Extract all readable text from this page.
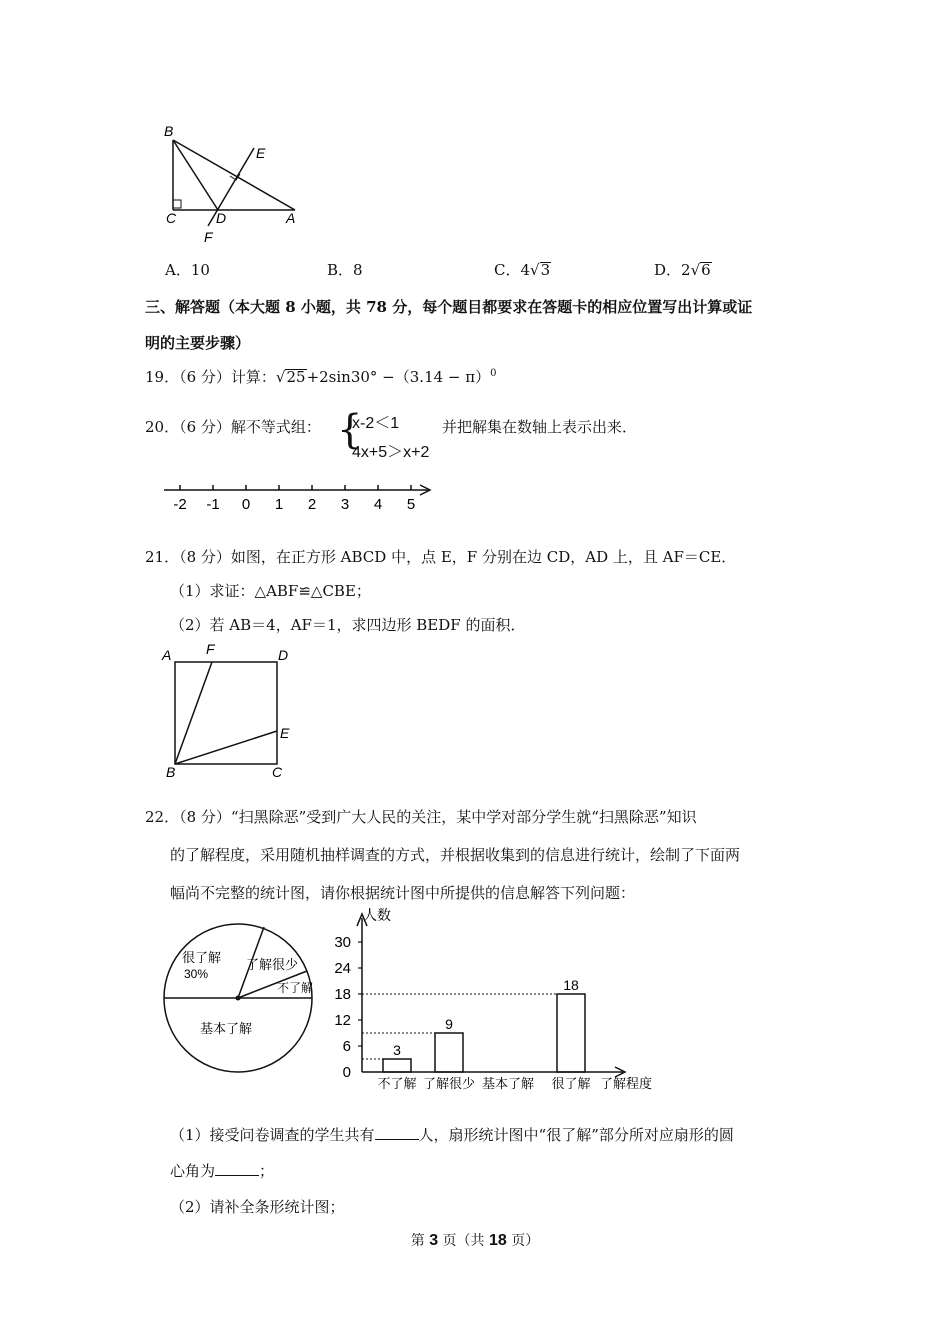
B
E
C	D	A
F
A．10	B．8	C．4√3	D．2√6
三、解答题（本大题 8 小题，共 78 分，每个题目都要求在答题卡的相应位置写出计算或证
明的主要步骤）
19．（6 分）计算：$√25+2\sin 30^\circ -(3.14 - \pi)^0$
20．（6 分）解不等式组： {
x-2＜1
4x+5＞x+2
并把解集在数轴上表示出来．
-2 -1 0 1 2 3 4 5
21．（8 分）如图，在正方形 ABCD 中，点 E，F 分别在边 CD，AD 上，且 AF＝CE．
（1）求证：△ABF≌△CBE；
（2）若 AB＝4，AF＝1，求四边形 BEDF 的面积．
A F	D
E
B	C
22．（8 分）“扫黑除恶”受到广大人民的关注，某中学对部分学生就“扫黑除恶”知识
的了解程度，采用随机抽样调查的方式，并根据收集到的信息进行统计，绘制了下面两
幅尚不完整的统计图，请你根据统计图中所提供的信息解答下列问题：
很了解
30%
了解很少
不了解
基本了解
人数
了解程度
0
6
12
18
24
30
不了解
3
了解很少
9
基本了解 很了解
18
（1）接受问卷调查的学生共有	人，扇形统计图中“很了解”部分所对应扇形的圆
心角为	；
（2）请补全条形统计图；
第 3 页（共 18 页）
